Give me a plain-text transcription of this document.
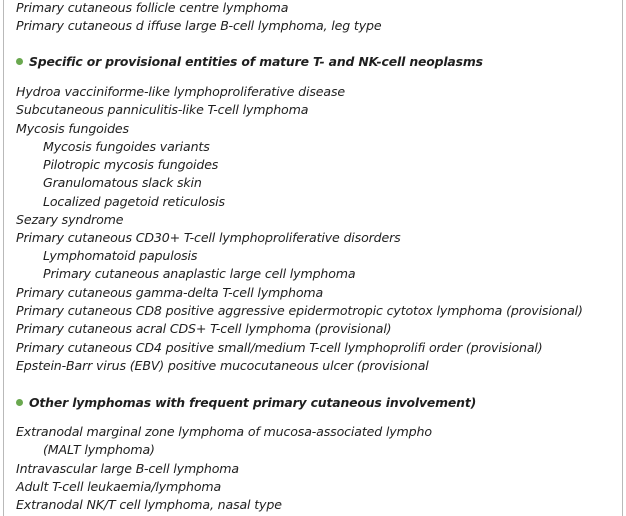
Primary cutaneous follicle centre lymphoma
Primary cutaneous d iffuse large B-cell lymphoma, leg type
Specific or provisional entities of mature T- and NK-cell neoplasms
Hydroa vacciniforme-like lymphoproliferative disease
Subcutaneous panniculitis-like T-cell lymphoma
Mycosis fungoides
Mycosis fungoides variants
Pilotropic mycosis fungoides
Granulomatous slack skin
Localized pagetoid reticulosis
Sezary syndrome
Primary cutaneous CD30+ T-cell lymphoproliferative disorders
Lymphomatoid papulosis
Primary cutaneous anaplastic large cell lymphoma
Primary cutaneous gamma-delta T-cell lymphoma
Primary cutaneous CD8 positive aggressive epidermotropic cytotox lymphoma (provisional)
Primary cutaneous acral CDS+ T-cell lymphoma (provisional)
Primary cutaneous CD4 positive small/medium T-cell lymphoprolifi order (provisional)
Epstein-Barr virus (EBV) positive mucocutaneous ulcer (provisional
Other lymphomas with frequent primary cutaneous involvement)
Extranodal marginal zone lymphoma of mucosa-associated lympho
(MALT lymphoma)
Intravascular large B-cell lymphoma
Adult T-cell leukaemia/lymphoma
Extranodal NK/T cell lymphoma, nasal type
